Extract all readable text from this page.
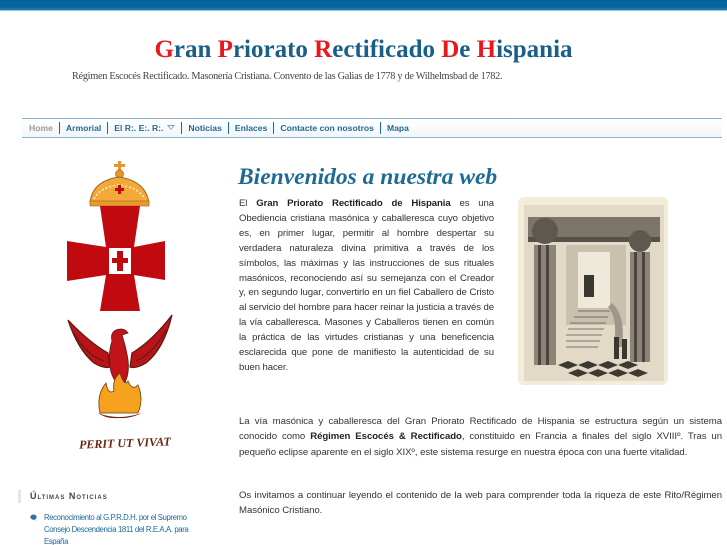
Gran Priorato Rectificado De Hispania
Régimen Escocés Rectificado. Masonería Cristiana. Convento de las Galias de 1778 y de Wilhelmsbad de 1782.
Home	Armorial	El R:. E:. R:.	Noticias	Enlaces	Contacte con nosotros	Mapa
PERIT UT VIVAT
Últimas Noticias
Reconocimiento al G.P.R.D.H. por el Supremo Consejo Descendencia 1811 del R.E.A.A. para España
Bienvenidos a nuestra web

El Gran Priorato Rectificado de Hispania es una Obediencia cristiana masónica y caballeresca cuyo objetivo es, en primer lugar, permitir al hombre despertar su verdadera naturaleza divina primitiva a través de los símbolos, las máximas y las instrucciones de sus rituales masónicos, reconociendo así su semejanza con el Creador y, en segundo lugar, convertirlo en un fiel Caballero de Cristo al servicio del hombre para hacer reinar la justicia a través de la vía caballeresca. Masones y Caballeros tienen en común la práctica de las virtudes cristianas y una beneficencia esclarecida que pone de manifiesto la autenticidad de su buen hacer.

La vía masónica y caballeresca del Gran Priorato Rectificado de Hispania se estructura según un sistema conocido como Régimen Escocés & Rectificado, constituido en Francia a finales del siglo XVIIIº. Tras un pequeño eclipse aparente en el siglo XIXº, este sistema resurge en nuestra época con una fuerte vitalidad.

Os invitamos a continuar leyendo el contenido de la web para comprender toda la riqueza de este Rito/Régimen Masónico Cristiano.
